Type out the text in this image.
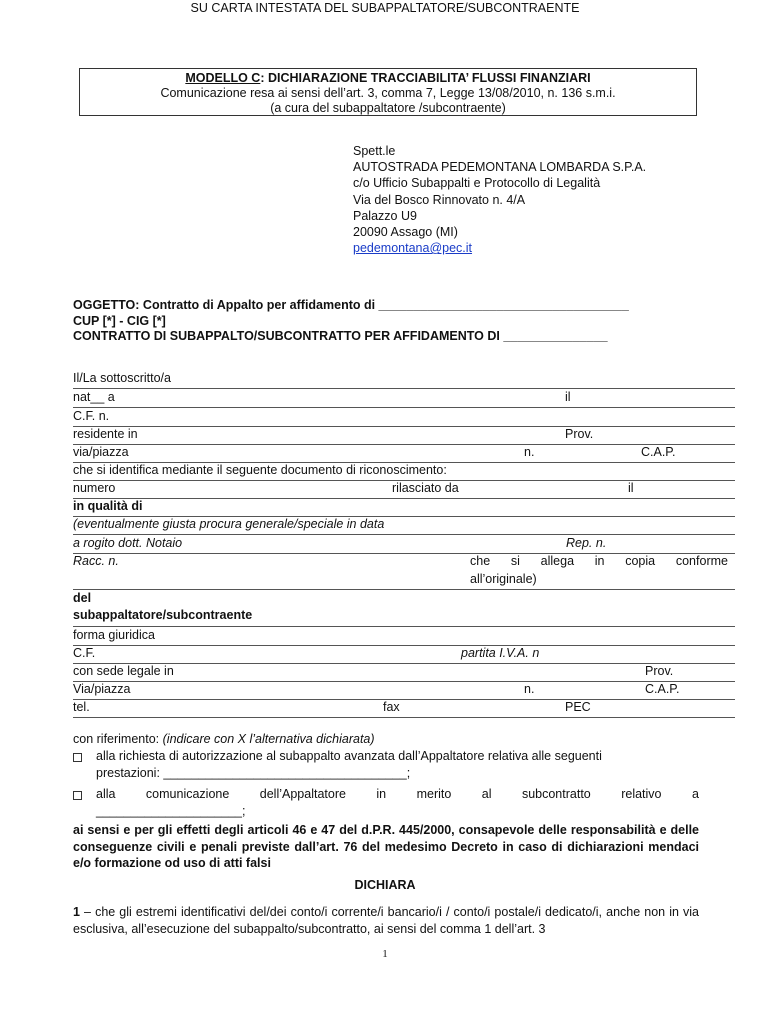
SU CARTA INTESTATA DEL SUBAPPALTATORE/SUBCONTRAENTE
MODELLO C: DICHIARAZIONE TRACCIABILITA’ FLUSSI FINANZIARI
Comunicazione resa ai sensi dell’art. 3, comma 7, Legge 13/08/2010, n. 136 s.m.i.
(a cura del subappaltatore /subcontraente)
Spett.le
AUTOSTRADA PEDEMONTANA LOMBARDA S.P.A.
c/o Ufficio Subappalti e Protocollo di Legalità
Via del Bosco Rinnovato n. 4/A
Palazzo U9
20090 Assago (MI)
pedemontana@pec.it
OGGETTO: Contratto di Appalto per affidamento di ____________________________________
CUP [*] - CIG [*]
CONTRATTO DI SUBAPPALTO/SUBCONTRATTO PER AFFIDAMENTO DI _______________
Il/La sottoscritto/a
nat__ a	il
C.F. n.
residente in	Prov.
via/piazza	n.	C.A.P.
che si identifica mediante il seguente documento di riconoscimento:
numero	rilasciato da	il
in qualità di
(eventualmente giusta procura generale/speciale in data
a rogito dott. Notaio	Rep. n.
Racc. n.	che si allega in copia conforme
all’originale)
del
subappaltatore/subcontraente
forma giuridica
C.F.	partita I.V.A. n
con sede legale in	Prov.
Via/piazza	n.	C.A.P.
tel.	fax	PEC
con riferimento: (indicare con X l’alternativa dichiarata)
alla richiesta di autorizzazione al subappalto avanzata dall’Appaltatore relativa alle seguenti
prestazioni: ___________________________________;
alla comunicazione dell’Appaltatore in merito al subcontratto relativo a
_____________________;
ai sensi e per gli effetti degli articoli 46 e 47 del d.P.R. 445/2000, consapevole delle responsabilità e delle conseguenze civili e penali previste dall’art. 76 del medesimo Decreto in caso di dichiarazioni mendaci e/o formazione od uso di atti falsi
DICHIARA
1 – che gli estremi identificativi del/dei conto/i corrente/i bancario/i / conto/i postale/i dedicato/i, anche non in via esclusiva, all’esecuzione del subappalto/subcontratto, ai sensi del comma 1 dell’art. 3
1
